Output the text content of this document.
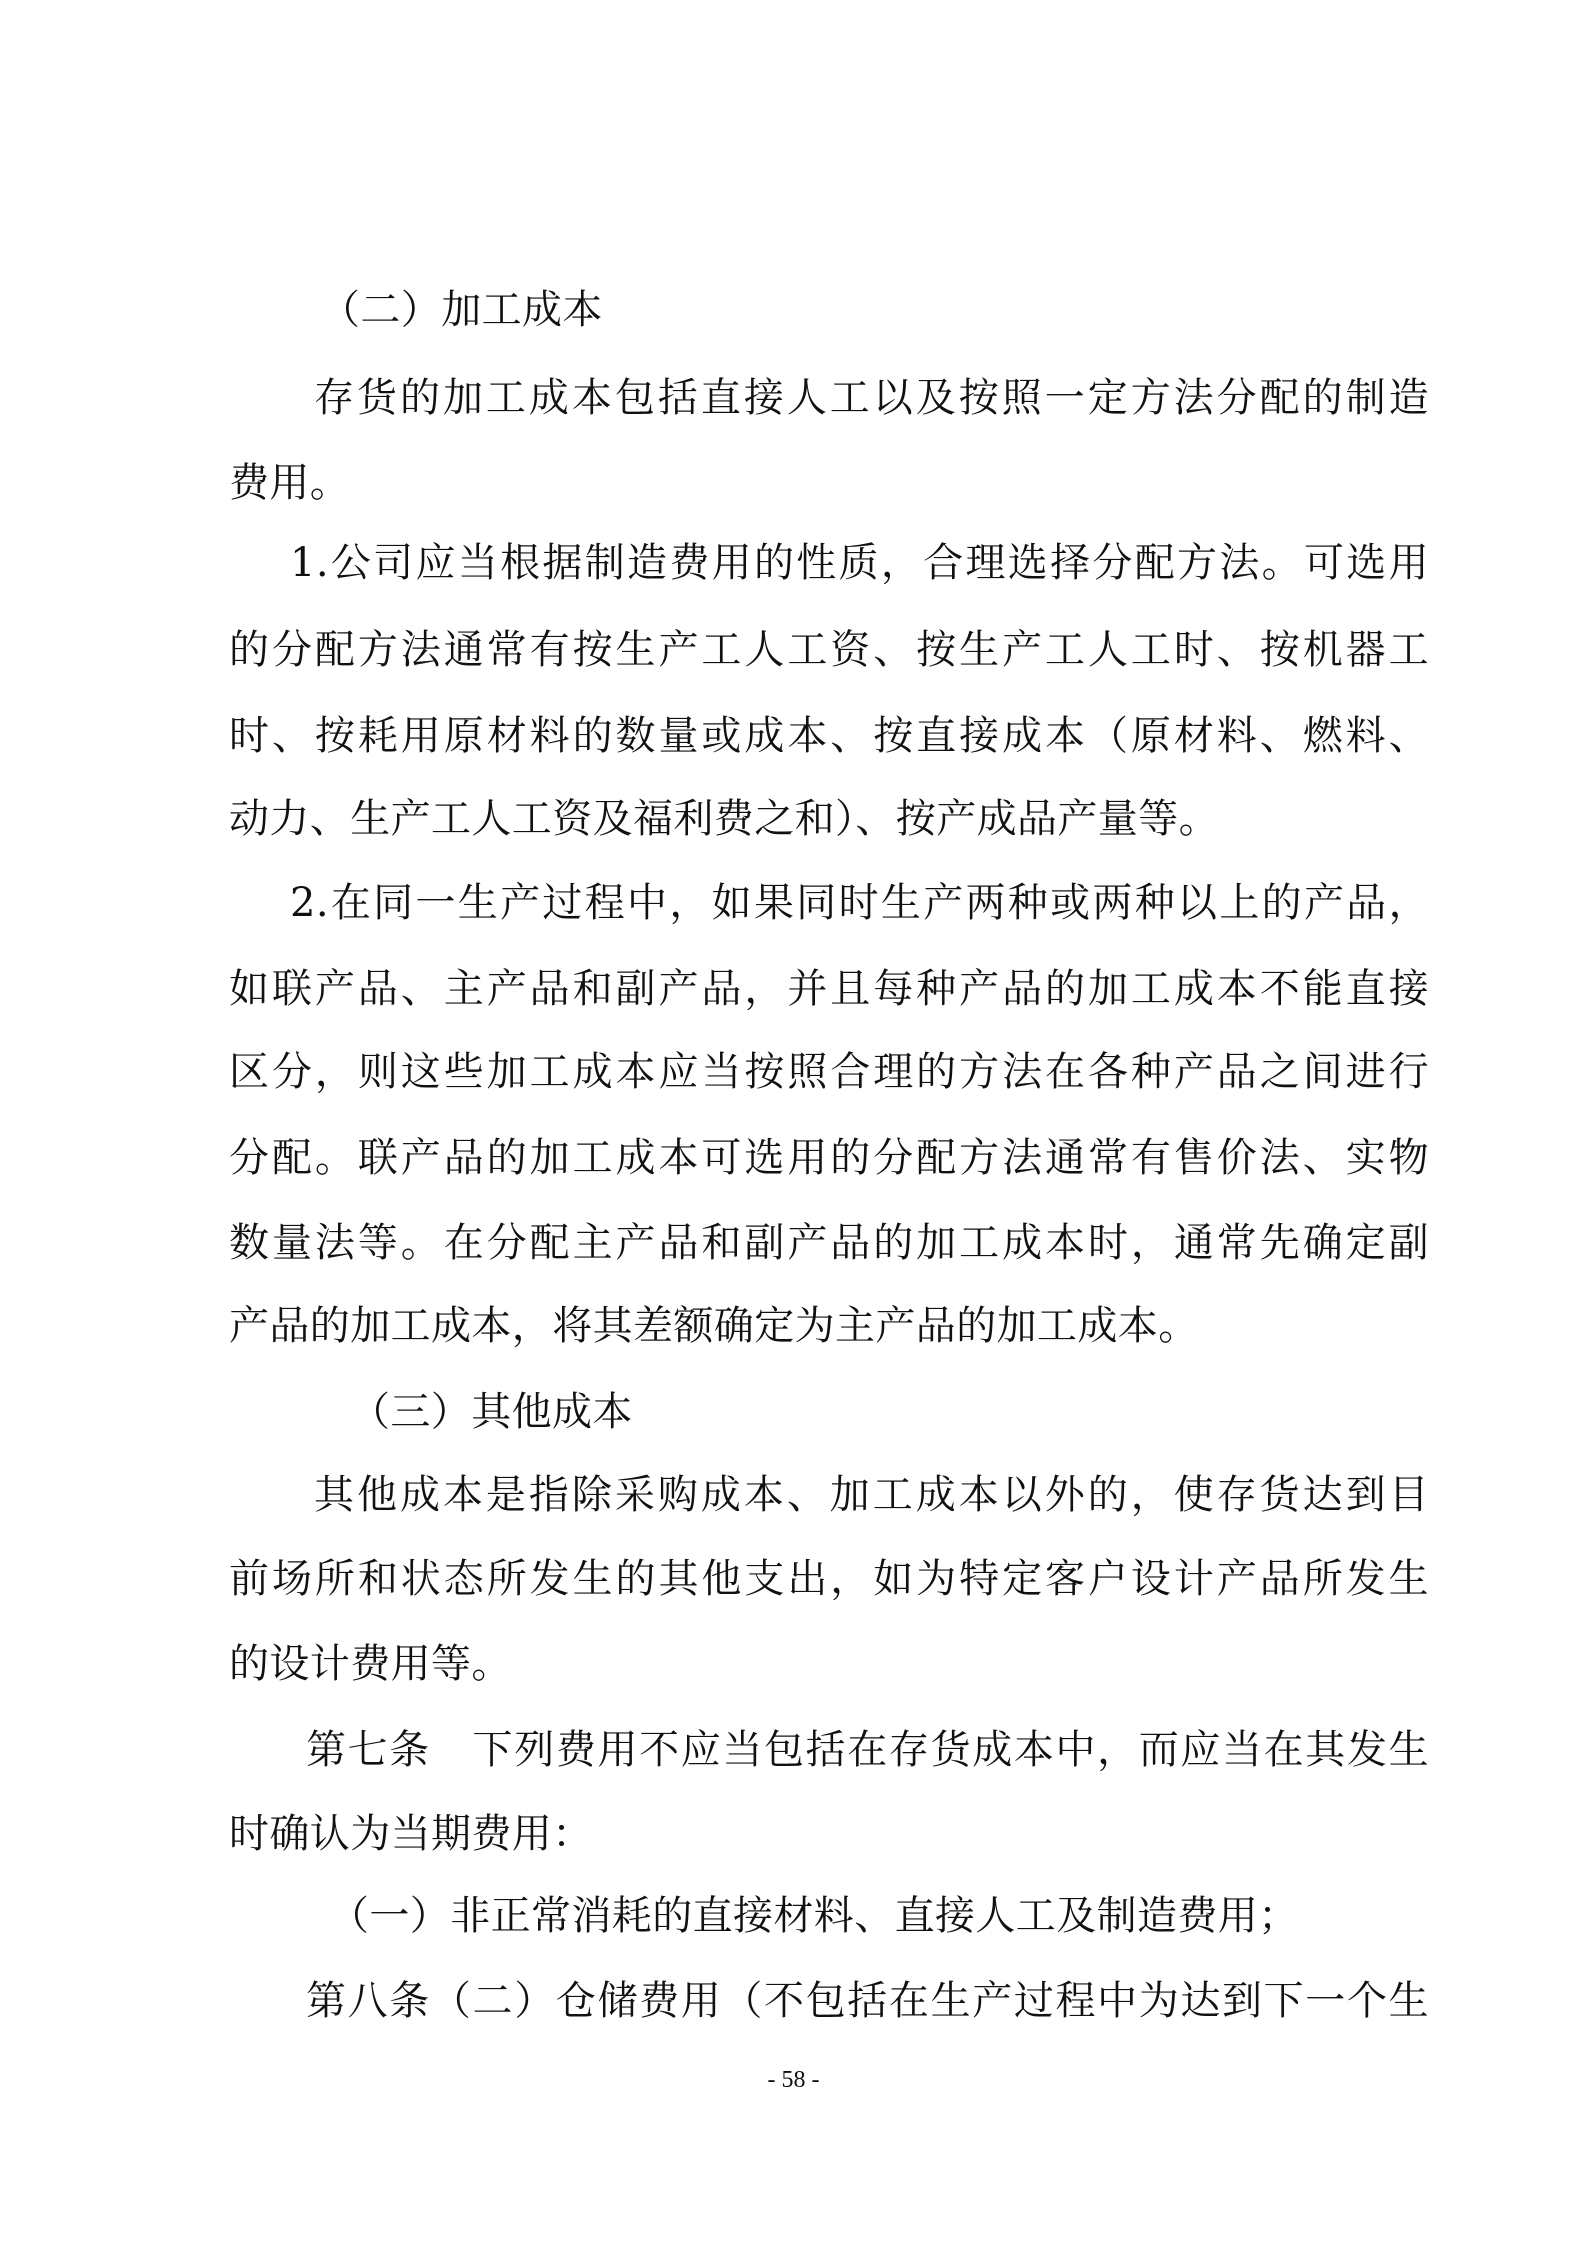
（二）加工成本
存货的加工成本包括直接人工以及按照一定方法分配的制造
费用。
1.公司应当根据制造费用的性质，合理选择分配方法。可选用
的分配方法通常有按生产工人工资、按生产工人工时、按机器工
时、按耗用原材料的数量或成本、按直接成本（原材料、燃料、
动力、生产工人工资及福利费之和）、按产成品产量等。
2.在同一生产过程中，如果同时生产两种或两种以上的产品，
如联产品、主产品和副产品，并且每种产品的加工成本不能直接
区分，则这些加工成本应当按照合理的方法在各种产品之间进行
分配。联产品的加工成本可选用的分配方法通常有售价法、实物
数量法等。在分配主产品和副产品的加工成本时，通常先确定副
产品的加工成本，将其差额确定为主产品的加工成本。
（三）其他成本
其他成本是指除采购成本、加工成本以外的，使存货达到目
前场所和状态所发生的其他支出，如为特定客户设计产品所发生
的设计费用等。
第七条　下列费用不应当包括在存货成本中，而应当在其发生
时确认为当期费用：
（一）非正常消耗的直接材料、直接人工及制造费用；
第八条（二）仓储费用（不包括在生产过程中为达到下一个生
- 58 -
